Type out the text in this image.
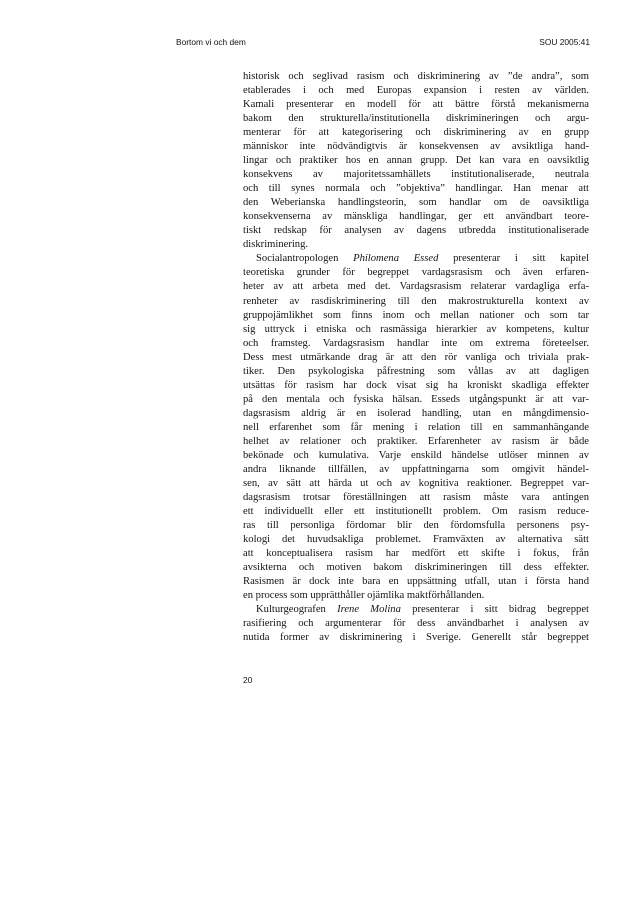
Bortom vi och dem	SOU 2005:41
historisk och seglivad rasism och diskriminering av ”de andra”, som
etablerades i och med Europas expansion i resten av världen.
Kamali presenterar en modell för att bättre förstå mekanismerna
bakom den strukturella/institutionella diskrimineringen och argu-
menterar för att kategorisering och diskriminering av en grupp
människor inte nödvändigtvis är konsekvensen av avsiktliga hand-
lingar och praktiker hos en annan grupp. Det kan vara en oavsiktlig
konsekvens av majoritetssamhällets institutionaliserade, neutrala
och till synes normala och ”objektiva” handlingar. Han menar att
den Weberianska handlingsteorin, som handlar om de oavsiktliga
konsekvenserna av mänskliga handlingar, ger ett användbart teore-
tiskt redskap för analysen av dagens utbredda institutionaliserade
diskriminering.
Socialantropologen Philomena Essed presenterar i sitt kapitel
teoretiska grunder för begreppet vardagsrasism och även erfaren-
heter av att arbeta med det. Vardagsrasism relaterar vardagliga erfa-
renheter av rasdiskriminering till den makrostrukturella kontext av
gruppojämlikhet som finns inom och mellan nationer och som tar
sig uttryck i etniska och rasmässiga hierarkier av kompetens, kultur
och framsteg. Vardagsrasism handlar inte om extrema företeelser.
Dess mest utmärkande drag är att den rör vanliga och triviala prak-
tiker. Den psykologiska påfrestning som vållas av att dagligen
utsättas för rasism har dock visat sig ha kroniskt skadliga effekter
på den mentala och fysiska hälsan. Esseds utgångspunkt är att var-
dagsrasism aldrig är en isolerad handling, utan en mångdimensio-
nell erfarenhet som får mening i relation till en sammanhängande
helhet av relationer och praktiker. Erfarenheter av rasism är både
bekönade och kumulativa. Varje enskild händelse utlöser minnen av
andra liknande tillfällen, av uppfattningarna som omgivit händel-
sen, av sätt att härda ut och av kognitiva reaktioner. Begreppet var-
dagsrasism trotsar föreställningen att rasism måste vara antingen
ett individuellt eller ett institutionellt problem. Om rasism reduce-
ras till personliga fördomar blir den fördomsfulla personens psy-
kologi det huvudsakliga problemet. Framväxten av alternativa sätt
att konceptualisera rasism har medfört ett skifte i fokus, från
avsikterna och motiven bakom diskrimineringen till dess effekter.
Rasismen är dock inte bara en uppsättning utfall, utan i första hand
en process som upprätthåller ojämlika maktförhållanden.
Kulturgeografen Irene Molina presenterar i sitt bidrag begreppet
rasifiering och argumenterar för dess användbarhet i analysen av
nutida former av diskriminering i Sverige. Generellt står begreppet
20
